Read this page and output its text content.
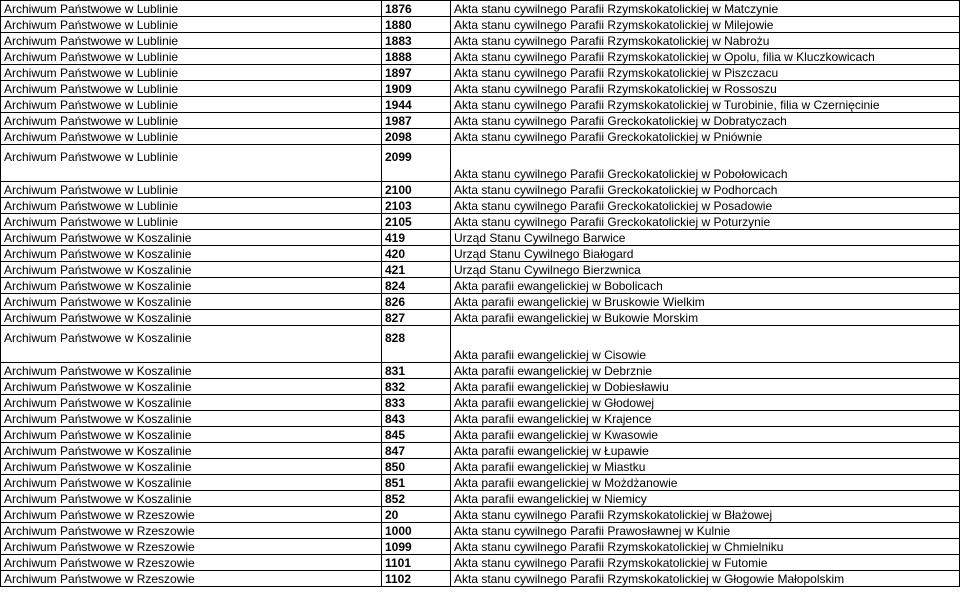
Archiwum Państwowe w Lublinie	1876	Akta stanu cywilnego Parafii Rzymskokatolickiej w Matczynie
Archiwum Państwowe w Lublinie	1880	Akta stanu cywilnego Parafii Rzymskokatolickiej w Milejowie
Archiwum Państwowe w Lublinie	1883	Akta stanu cywilnego Parafii Rzymskokatolickiej w Nabrożu
Archiwum Państwowe w Lublinie	1888	Akta stanu cywilnego Parafii Rzymskokatolickiej w Opolu, filia w Kluczkowicach
Archiwum Państwowe w Lublinie	1897	Akta stanu cywilnego Parafii Rzymskokatolickiej w Piszczacu
Archiwum Państwowe w Lublinie	1909	Akta stanu cywilnego Parafii Rzymskokatolickiej w Rossoszu
Archiwum Państwowe w Lublinie	1944	Akta stanu cywilnego Parafii Rzymskokatolickiej w Turobinie, filia w Czernięcinie
Archiwum Państwowe w Lublinie	1987	Akta stanu cywilnego Parafii Greckokatolickiej w Dobratyczach
Archiwum Państwowe w Lublinie	2098	Akta stanu cywilnego Parafii Greckokatolickiej w Pniównie
Archiwum Państwowe w Lublinie	2099	Akta stanu cywilnego Parafii Greckokatolickiej w Pobołowicach
Archiwum Państwowe w Lublinie	2100	Akta stanu cywilnego Parafii Greckokatolickiej w Podhorcach
Archiwum Państwowe w Lublinie	2103	Akta stanu cywilnego Parafii Greckokatolickiej w Posadowie
Archiwum Państwowe w Lublinie	2105	Akta stanu cywilnego Parafii Greckokatolickiej w Poturzynie
Archiwum Państwowe w Koszalinie	419	Urząd Stanu Cywilnego Barwice
Archiwum Państwowe w Koszalinie	420	Urząd Stanu Cywilnego Białogard
Archiwum Państwowe w Koszalinie	421	Urząd Stanu Cywilnego Bierzwnica
Archiwum Państwowe w Koszalinie	824	Akta parafii ewangelickiej w Bobolicach
Archiwum Państwowe w Koszalinie	826	Akta parafii ewangelickiej w Bruskowie Wielkim
Archiwum Państwowe w Koszalinie	827	Akta parafii ewangelickiej w Bukowie Morskim
Archiwum Państwowe w Koszalinie	828	Akta parafii ewangelickiej w Cisowie
Archiwum Państwowe w Koszalinie	831	Akta parafii ewangelickiej w Debrznie
Archiwum Państwowe w Koszalinie	832	Akta parafii ewangelickiej w Dobiesławiu
Archiwum Państwowe w Koszalinie	833	Akta parafii ewangelickiej w Głodowej
Archiwum Państwowe w Koszalinie	843	Akta parafii ewangelickiej w Krajence
Archiwum Państwowe w Koszalinie	845	Akta parafii ewangelickiej w Kwasowie
Archiwum Państwowe w Koszalinie	847	Akta parafii ewangelickiej w Łupawie
Archiwum Państwowe w Koszalinie	850	Akta parafii ewangelickiej w Miastku
Archiwum Państwowe w Koszalinie	851	Akta parafii ewangelickiej w Możdżanowie
Archiwum Państwowe w Koszalinie	852	Akta parafii ewangelickiej w Niemicy
Archiwum Państwowe w Rzeszowie	20	Akta stanu cywilnego Parafii Rzymskokatolickiej w Błażowej
Archiwum Państwowe w Rzeszowie	1000	Akta stanu cywilnego Parafii Prawosławnej w Kulnie
Archiwum Państwowe w Rzeszowie	1099	Akta stanu cywilnego Parafii Rzymskokatolickiej w Chmielniku
Archiwum Państwowe w Rzeszowie	1101	Akta stanu cywilnego Parafii Rzymskokatolickiej w Futomie
Archiwum Państwowe w Rzeszowie	1102	Akta stanu cywilnego Parafii Rzymskokatolickiej w Głogowie Małopolskim
